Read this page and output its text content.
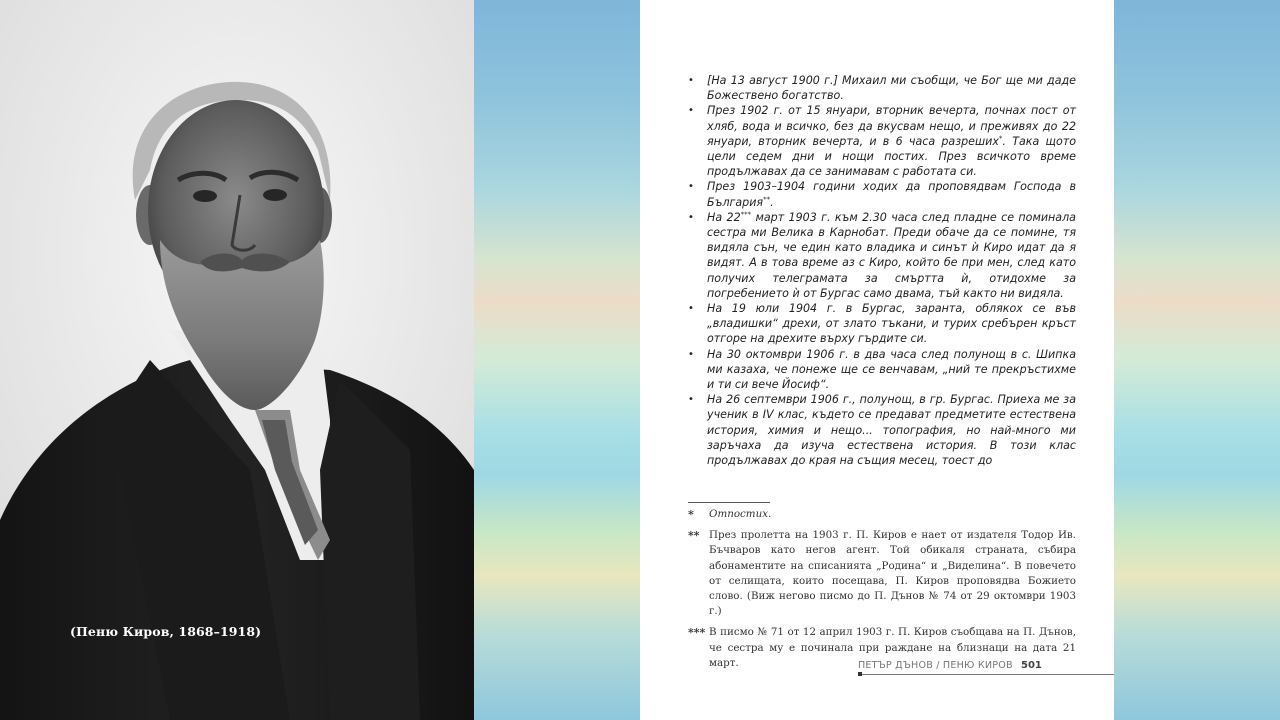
(Пеню Киров, 1868–1918)
• [На 13 август 1900 г.] Михаил ми съобщи, че Бог ще ми даде Божествено богатство.
• През 1902 г. от 15 януари, вторник вечерта, почнах пост от хляб, вода и всичко, без да вкусвам нещо, и преживях до 22 януари, вторник вечерта, и в 6 часа разреших*. Така щото цели седем дни и нощи постих. През всичкото време продължавах да се занимавам с работата си.
• През 1903–1904 години ходих да проповядвам Господа в България**.
• На 22*** март 1903 г. към 2.30 часа след пладне се поминала сестра ми Велика в Карнобат. Преди обаче да се помине, тя видяла сън, че един като владика и синът ѝ Киро идат да я видят. А в това време аз с Киро, който бе при мен, след като получих телеграмата за смъртта ѝ, отидохме за погребението ѝ от Бургас само двама, тъй както ни видяла.
• На 19 юли 1904 г. в Бургас, заранта, облякох се във „владишки“ дрехи, от злато тъкани, и турих сребърен кръст отгоре на дрехите върху гърдите си.
• На 30 октомври 1906 г. в два часа след полунощ в с. Шипка ми казаха, че понеже ще се венчавам, „ний те прекръстихме и ти си вече Йосиф“.
• На 26 септември 1906 г., полунощ, в гр. Бургас. Приеха ме за ученик в IV клас, където се предават предметите естествена история, химия и нещо... топография, но най-много ми заръчаха да изуча естествена история. В този клас продължавах до края на същия месец, тоест до
* Отпостих.
** През пролетта на 1903 г. П. Киров е нает от издателя Тодор Ив. Бъчваров като негов агент. Той обикаля страната, събира абонаментите на списанията „Родина“ и „Виделина“. В повечето от селищата, които посещава, П. Киров проповядва Божието слово. (Виж негово писмо до П. Дънов № 74 от 29 октомври 1903 г.)
*** В писмо № 71 от 12 април 1903 г. П. Киров съобщава на П. Дънов, че сестра му е починала при раждане на близнаци на дата 21 март.	ПЕТЪР ДЪНОВ / ПЕНЮ КИРОВ 501
